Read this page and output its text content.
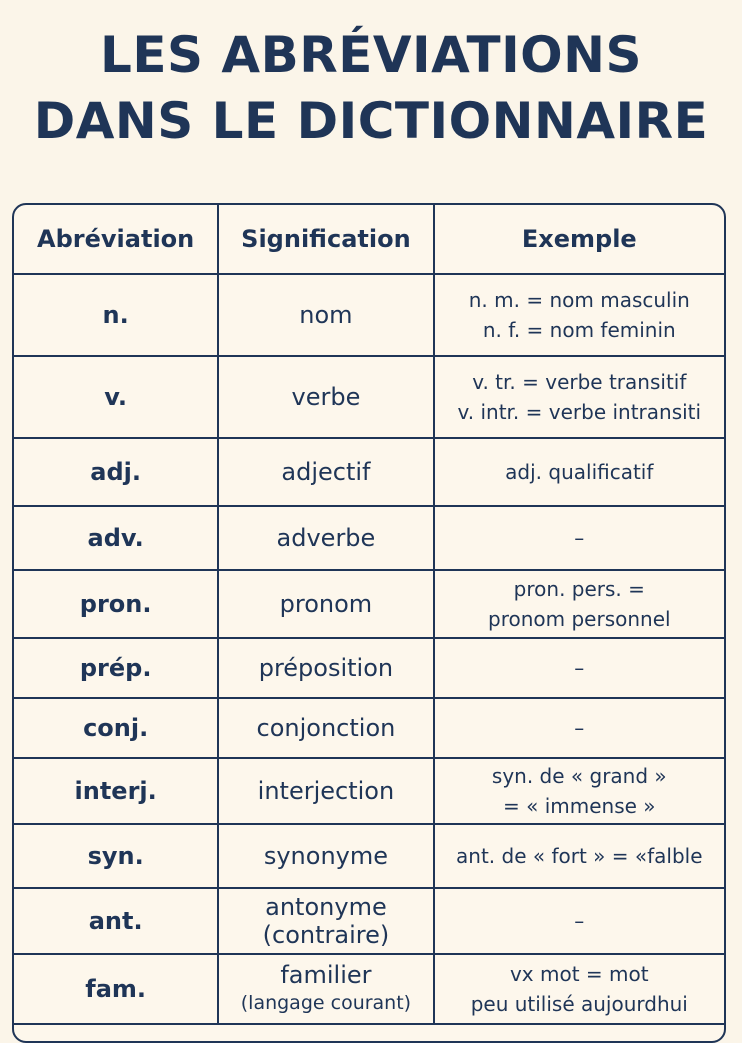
LES ABRÉVIATIONS
DANS LE DICTIONNAIRE
Abréviation	Signification	Exemple
n.	nom	n. m. = nom masculin
n. f. = nom feminin

v.	verbe	v. tr. = verbe transitif
v. intr. = verbe intransiti

adj.	adjectif	adj. qualificatif

adv.	adverbe	–

pron.	pronom	pron. pers. =
pronom personnel

prép.	préposition	–

conj.	conjonction	–

interj.	interjection	syn. de « grand »
= « immense »

syn.	synonyme	ant. de « fort » = «falble

ant.	antonyme
(contraire)	–

fam.	familier
(langage courant)	vx mot = mot
peu utilisé aujourdhui
